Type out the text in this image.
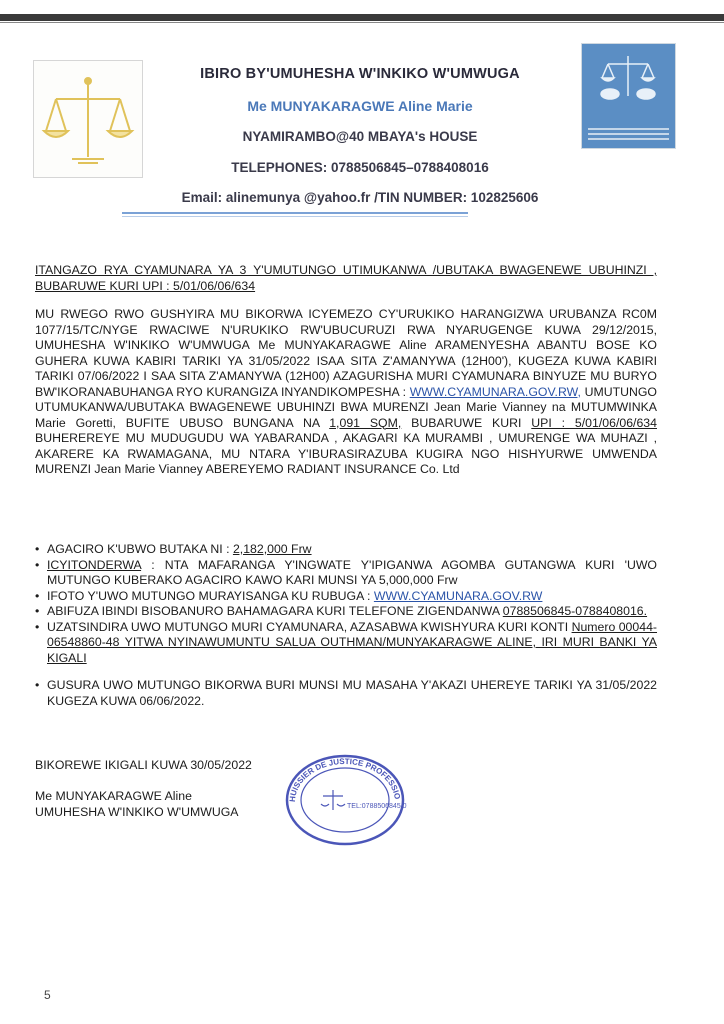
IBIRO BY'UMUHESHA W'INKIKO W'UMWUGA
Me MUNYAKARAGWE Aline Marie
NYAMIRAMBO@40 MBAYA's HOUSE
TELEPHONES: 0788506845–0788408016
Email: alinemunya @yahoo.fr /TIN NUMBER: 102825606
ITANGAZO RYA CYAMUNARA YA 3 Y'UMUTUNGO UTIMUKANWA /UBUTAKA BWAGENEWE UBUHINZI , BUBARUWE KURI UPI : 5/01/06/06/634
MU RWEGO RWO GUSHYIRA MU BIKORWA ICYEMEZO CY'URUKIKO HARANGIZWA URUBANZA RC0M 1077/15/TC/NYGE RWACIWE N'URUKIKO RW'UBUCURUZI RWA NYARUGENGE KUWA 29/12/2015, UMUHESHA W'INKIKO W'UMWUGA Me MUNYAKARAGWE Aline ARAMENYESHA ABANTU BOSE KO GUHERA KUWA KABIRI TARIKI YA 31/05/2022 ISAA SITA Z'AMANYWA (12H00'), KUGEZA KUWA KABIRI TARIKI 07/06/2022 I SAA SITA Z'AMANYWA (12H00) AZAGURISHA MURI CYAMUNARA BINYUZE MU BURYO BW'IKORANABUHANGA RYO KURANGIZA INYANDIKOMPESHA : WWW.CYAMUNARA.GOV.RW, UMUTUNGO UTUMUKANWA/UBUTAKA BWAGENEWE UBUHINZI BWA MURENZI Jean Marie Vianney na MUTUMWINKA Marie Goretti, BUFITE UBUSO BUNGANA NA 1,091 SQM, BUBARUWE KURI UPI : 5/01/06/06/634 BUHEREREYE MU MUDUGUDU WA YABARANDA , AKAGARI KA MURAMBI , UMURENGE WA MUHAZI , AKARERE KA RWAMAGANA, MU NTARA Y'IBURASIRAZUBA KUGIRA NGO HISHYURWE UMWENDA MURENZI Jean Marie Vianney ABEREYEMO RADIANT INSURANCE Co. Ltd
• AGACIRO K'UBWO BUTAKA NI : 2,182,000 Frw
• ICYITONDERWA : NTA MAFARANGA Y'INGWATE Y'IPIGANWA AGOMBA GUTANGWA KURI 'UWO MUTUNGO KUBERAKO AGACIRO KAWO KARI MUNSI YA 5,000,000 Frw
• IFOTO Y'UWO MUTUNGO MURAYISANGA KU RUBUGA : WWW.CYAMUNARA.GOV.RW
• ABIFUZA IBINDI BISOBANURO BAHAMAGARA KURI TELEFONE ZIGENDANWA 0788506845-0788408016.
• UZATSINDIRA UWO MUTUNGO MURI CYAMUNARA, AZASABWA KWISHYURA KURI KONTI Numero 00044-06548860-48 YITWA NYINAWUMUNTU SALUA OUTHMAN/MUNYAKARAGWE ALINE, IRI MURI BANKI YA KIGALI
• GUSURA UWO MUTUNGO BIKORWA BURI MUNSI MU MASAHA Y'AKAZI UHEREYE TARIKI YA 31/05/2022 KUGEZA KUWA 06/06/2022.
BIKOREWE IKIGALI KUWA 30/05/2022
Me MUNYAKARAGWE Aline
UMUHESHA W'INKIKO W'UMWUGA
HUISSIER DE JUSTICE PROFESSIO
TEL:0788506845 0
5
